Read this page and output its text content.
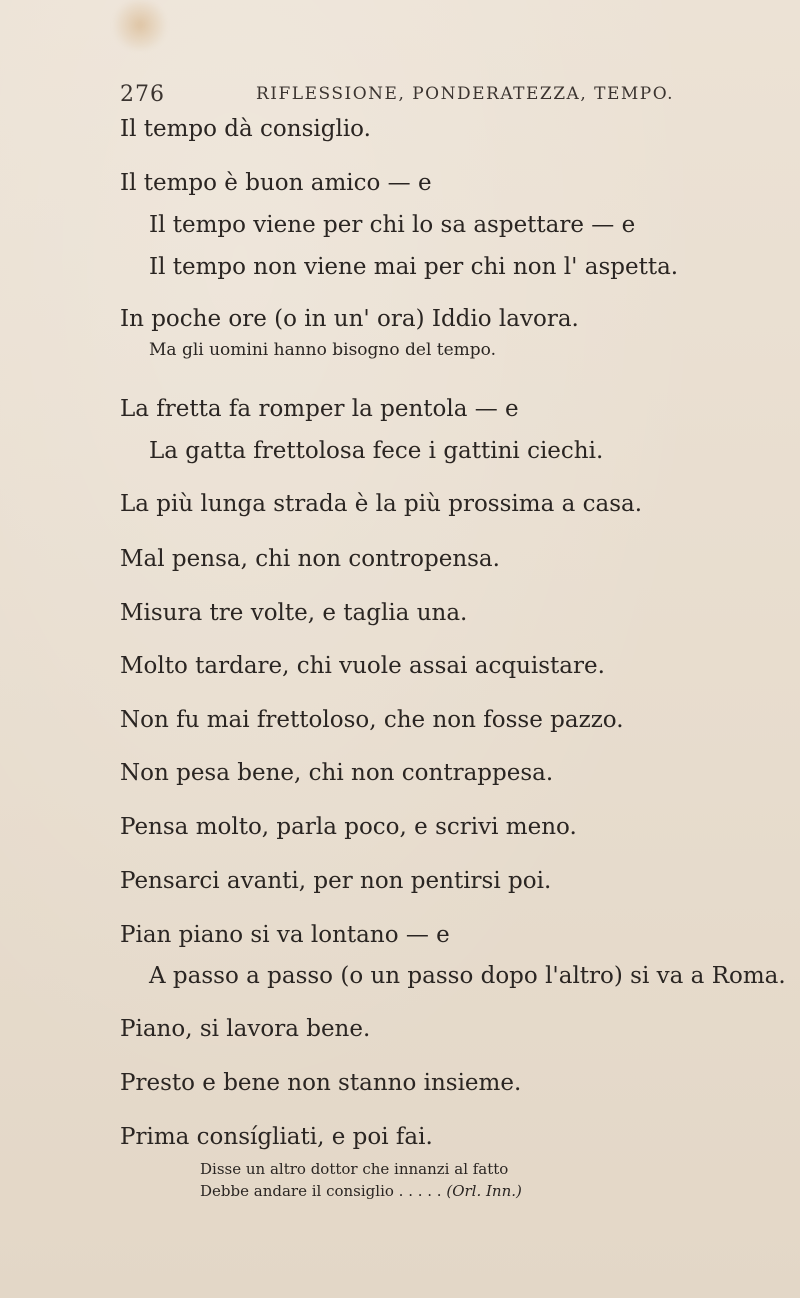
276	RIFLESSIONE, PONDERATEZZA, TEMPO.
Il tempo dà consiglio.
Il tempo è buon amico — e
Il tempo viene per chi lo sa aspettare — e
Il tempo non viene mai per chi non l' aspetta.
In poche ore (o in un' ora) Iddio lavora.
Ma gli uomini hanno bisogno del tempo.
La fretta fa romper la pentola — e
La gatta frettolosa fece i gattini ciechi.
La più lunga strada è la più prossima a casa.
Mal pensa, chi non contropensa.
Misura tre volte, e taglia una.
Molto tardare, chi vuole assai acquistare.
Non fu mai frettoloso, che non fosse pazzo.
Non pesa bene, chi non contrappesa.
Pensa molto, parla poco, e scrivi meno.
Pensarci avanti, per non pentirsi poi.
Pian piano si va lontano — e
A passo a passo (o un passo dopo l'altro) si va a Roma.
Piano, si lavora bene.
Presto e bene non stanno insieme.
Prima consígliati, e poi fai.
Disse un altro dottor che innanzi al fatto
Debbe andare il consiglio . . . . . (Orl. Inn.)
